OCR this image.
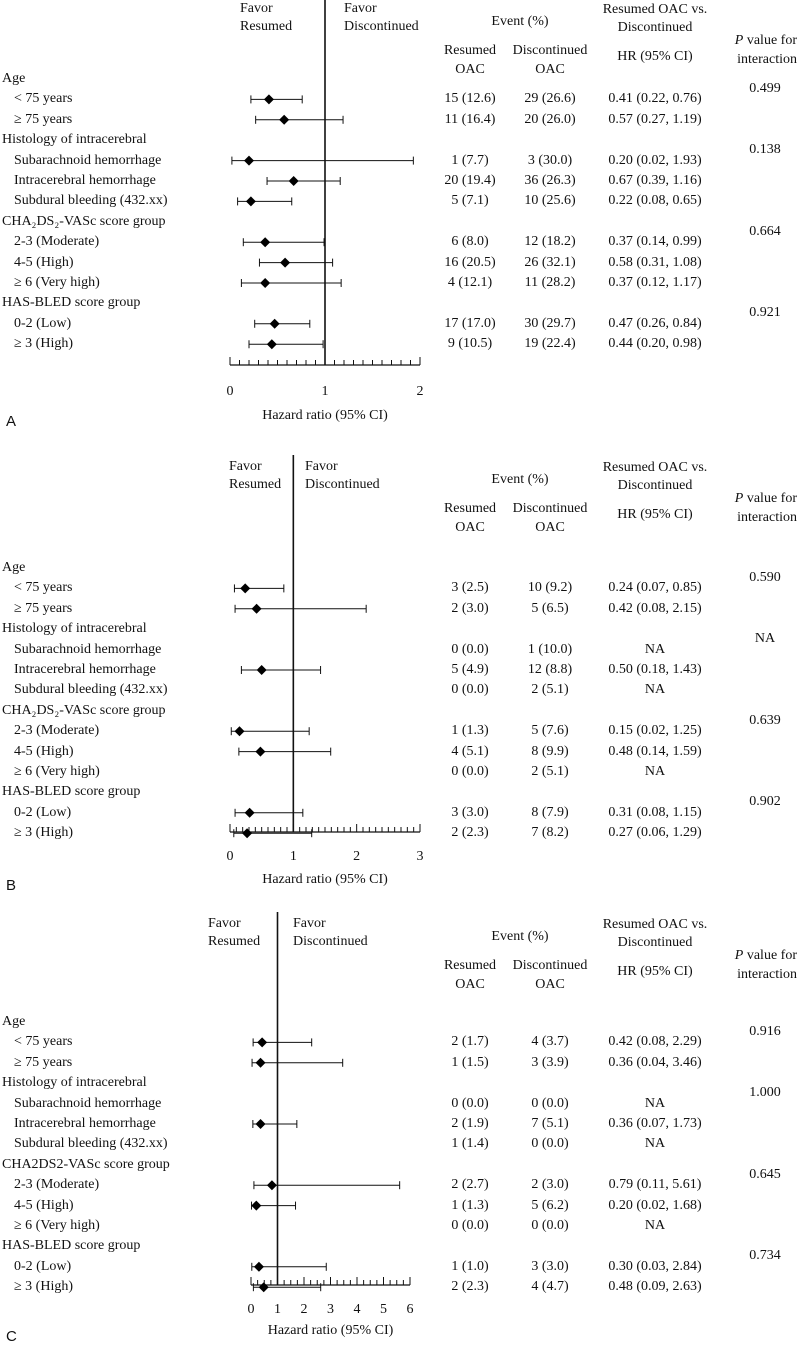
0	1	2
Hazard ratio (95% CI)
Favor
Resumed
Favor
Discontinued	Event (%)
Resumed
OAC
Discontinued
OAC
Resumed OAC vs.
Discontinued
HR (95% CI)
P value for
interaction
Age
0.499
< 75 years	15 (12.6)	29 (26.6)	0.41 (0.22, 0.76)
≥ 75 years	11 (16.4)	20 (26.0)	0.57 (0.27, 1.19)
Histology of intracerebral
0.138
Subarachnoid hemorrhage	1 (7.7)	3 (30.0)	0.20 (0.02, 1.93)
Intracerebral hemorrhage	20 (19.4)	36 (26.3)	0.67 (0.39, 1.16)
Subdural bleeding (432.xx)	5 (7.1)	10 (25.6)	0.22 (0.08, 0.65)
CHA₂DS₂-VASc score group
0.664
2-3 (Moderate)	6 (8.0)	12 (18.2)	0.37 (0.14, 0.99)
4-5 (High)	16 (20.5)	26 (32.1)	0.58 (0.31, 1.08)
≥ 6 (Very high)	4 (12.1)	11 (28.2)	0.37 (0.12, 1.17)
HAS-BLED score group
0.921
0-2 (Low)	17 (17.0)	30 (29.7)	0.47 (0.26, 0.84)
≥ 3 (High)	9 (10.5)	19 (22.4)	0.44 (0.20, 0.98)
A
0	1	2	3
Hazard ratio (95% CI)
Favor
Resumed
Favor
Discontinued	Event (%)
Resumed
OAC
Discontinued
OAC
Resumed OAC vs.
Discontinued
HR (95% CI)
P value for
interaction
Age
0.590
< 75 years	3 (2.5)	10 (9.2)	0.24 (0.07, 0.85)
≥ 75 years	2 (3.0)	5 (6.5)	0.42 (0.08, 2.15)
Histology of intracerebral
NA
Subarachnoid hemorrhage	0 (0.0)	1 (10.0)	NA
Intracerebral hemorrhage	5 (4.9)	12 (8.8)	0.50 (0.18, 1.43)
Subdural bleeding (432.xx)	0 (0.0)	2 (5.1)	NA
CHA₂DS₂-VASc score group
0.639
2-3 (Moderate)	1 (1.3)	5 (7.6)	0.15 (0.02, 1.25)
4-5 (High)	4 (5.1)	8 (9.9)	0.48 (0.14, 1.59)
≥ 6 (Very high)	0 (0.0)	2 (5.1)	NA
HAS-BLED score group
0.902
0-2 (Low)	3 (3.0)	8 (7.9)	0.31 (0.08, 1.15)
≥ 3 (High)	2 (2.3)	7 (8.2)	0.27 (0.06, 1.29)
B
0	1	2	3	4	5	6
Hazard ratio (95% CI)
Favor
Resumed
Favor
Discontinued	Event (%)
Resumed
OAC
Discontinued
OAC
Resumed OAC vs.
Discontinued
HR (95% CI)
P value for
interaction
Age
0.916
< 75 years	2 (1.7)	4 (3.7)	0.42 (0.08, 2.29)
≥ 75 years	1 (1.5)	3 (3.9)	0.36 (0.04, 3.46)
Histology of intracerebral
1.000
Subarachnoid hemorrhage	0 (0.0)	0 (0.0)	NA
Intracerebral hemorrhage	2 (1.9)	7 (5.1)	0.36 (0.07, 1.73)
Subdural bleeding (432.xx)	1 (1.4)	0 (0.0)	NA
CHA2DS2-VASc score group
0.645
2-3 (Moderate)	2 (2.7)	2 (3.0)	0.79 (0.11, 5.61)
4-5 (High)	1 (1.3)	5 (6.2)	0.20 (0.02, 1.68)
≥ 6 (Very high)	0 (0.0)	0 (0.0)	NA
HAS-BLED score group
0.734
0-2 (Low)	1 (1.0)	3 (3.0)	0.30 (0.03, 2.84)
≥ 3 (High)	2 (2.3)	4 (4.7)	0.48 (0.09, 2.63)
C
